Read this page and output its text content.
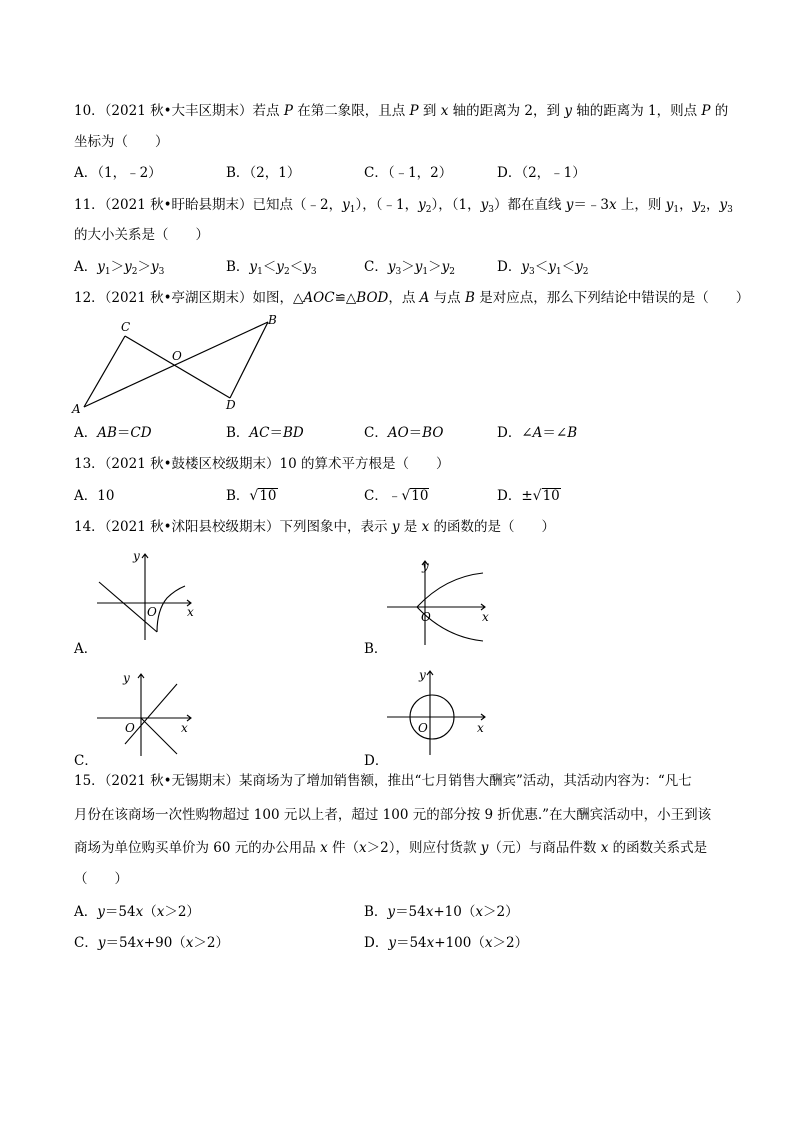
10．（2021 秋•大丰区期末）若点 P 在第二象限，且点 P 到 x 轴的距离为 2，到 y 轴的距离为 1，则点 P 的
坐标为（　　）
A．（1，﹣2）	B．（2，1）	C．（﹣1，2）	D．（2，﹣1）
11．（2021 秋•盱眙县期末）已知点（﹣2，$y_1$），（﹣1，$y_2$），（1，$y_3$）都在直线 y＝﹣3x 上，则 $y_1$，$y_2$，$y_3$
的大小关系是（　　）
A．$y_1>y_2>y_3$	B．$y_1<y_2<y_3$	C．$y_3>y_1>y_2$	D．$y_3<y_1<y_2$
12．（2021 秋•亭湖区期末）如图，△AOC≌△BOD，点 A 与点 B 是对应点，那么下列结论中错误的是（　　）
C	B
O
A	D
A．AB＝CD	B．AC＝BD	C．AO＝BO	D．∠A＝∠B
13．（2021 秋•鼓楼区校级期末）10 的算术平方根是（　　）
A．10	B．√10	C．﹣√10	D．±√10
14．（2021 秋•沭阳县校级期末）下列图象中，表示 y 是 x 的函数的是（　　）
y
O	x
A．
y
O	x
B．
y
O	x
C．
y
O	x
D．
15．（2021 秋•无锡期末）某商场为了增加销售额，推出“七月销售大酬宾”活动，其活动内容为：“凡七
月份在该商场一次性购物超过 100 元以上者，超过 100 元的部分按 9 折优惠.”在大酬宾活动中，小王到该
商场为单位购买单价为 60 元的办公用品 x 件（x＞2），则应付货款 y（元）与商品件数 x 的函数关系式是
（　　）
A．y＝54x（x＞2）	B．y＝54x+10（x＞2）
C．y＝54x+90（x＞2）	D．y＝54x+100（x＞2）
